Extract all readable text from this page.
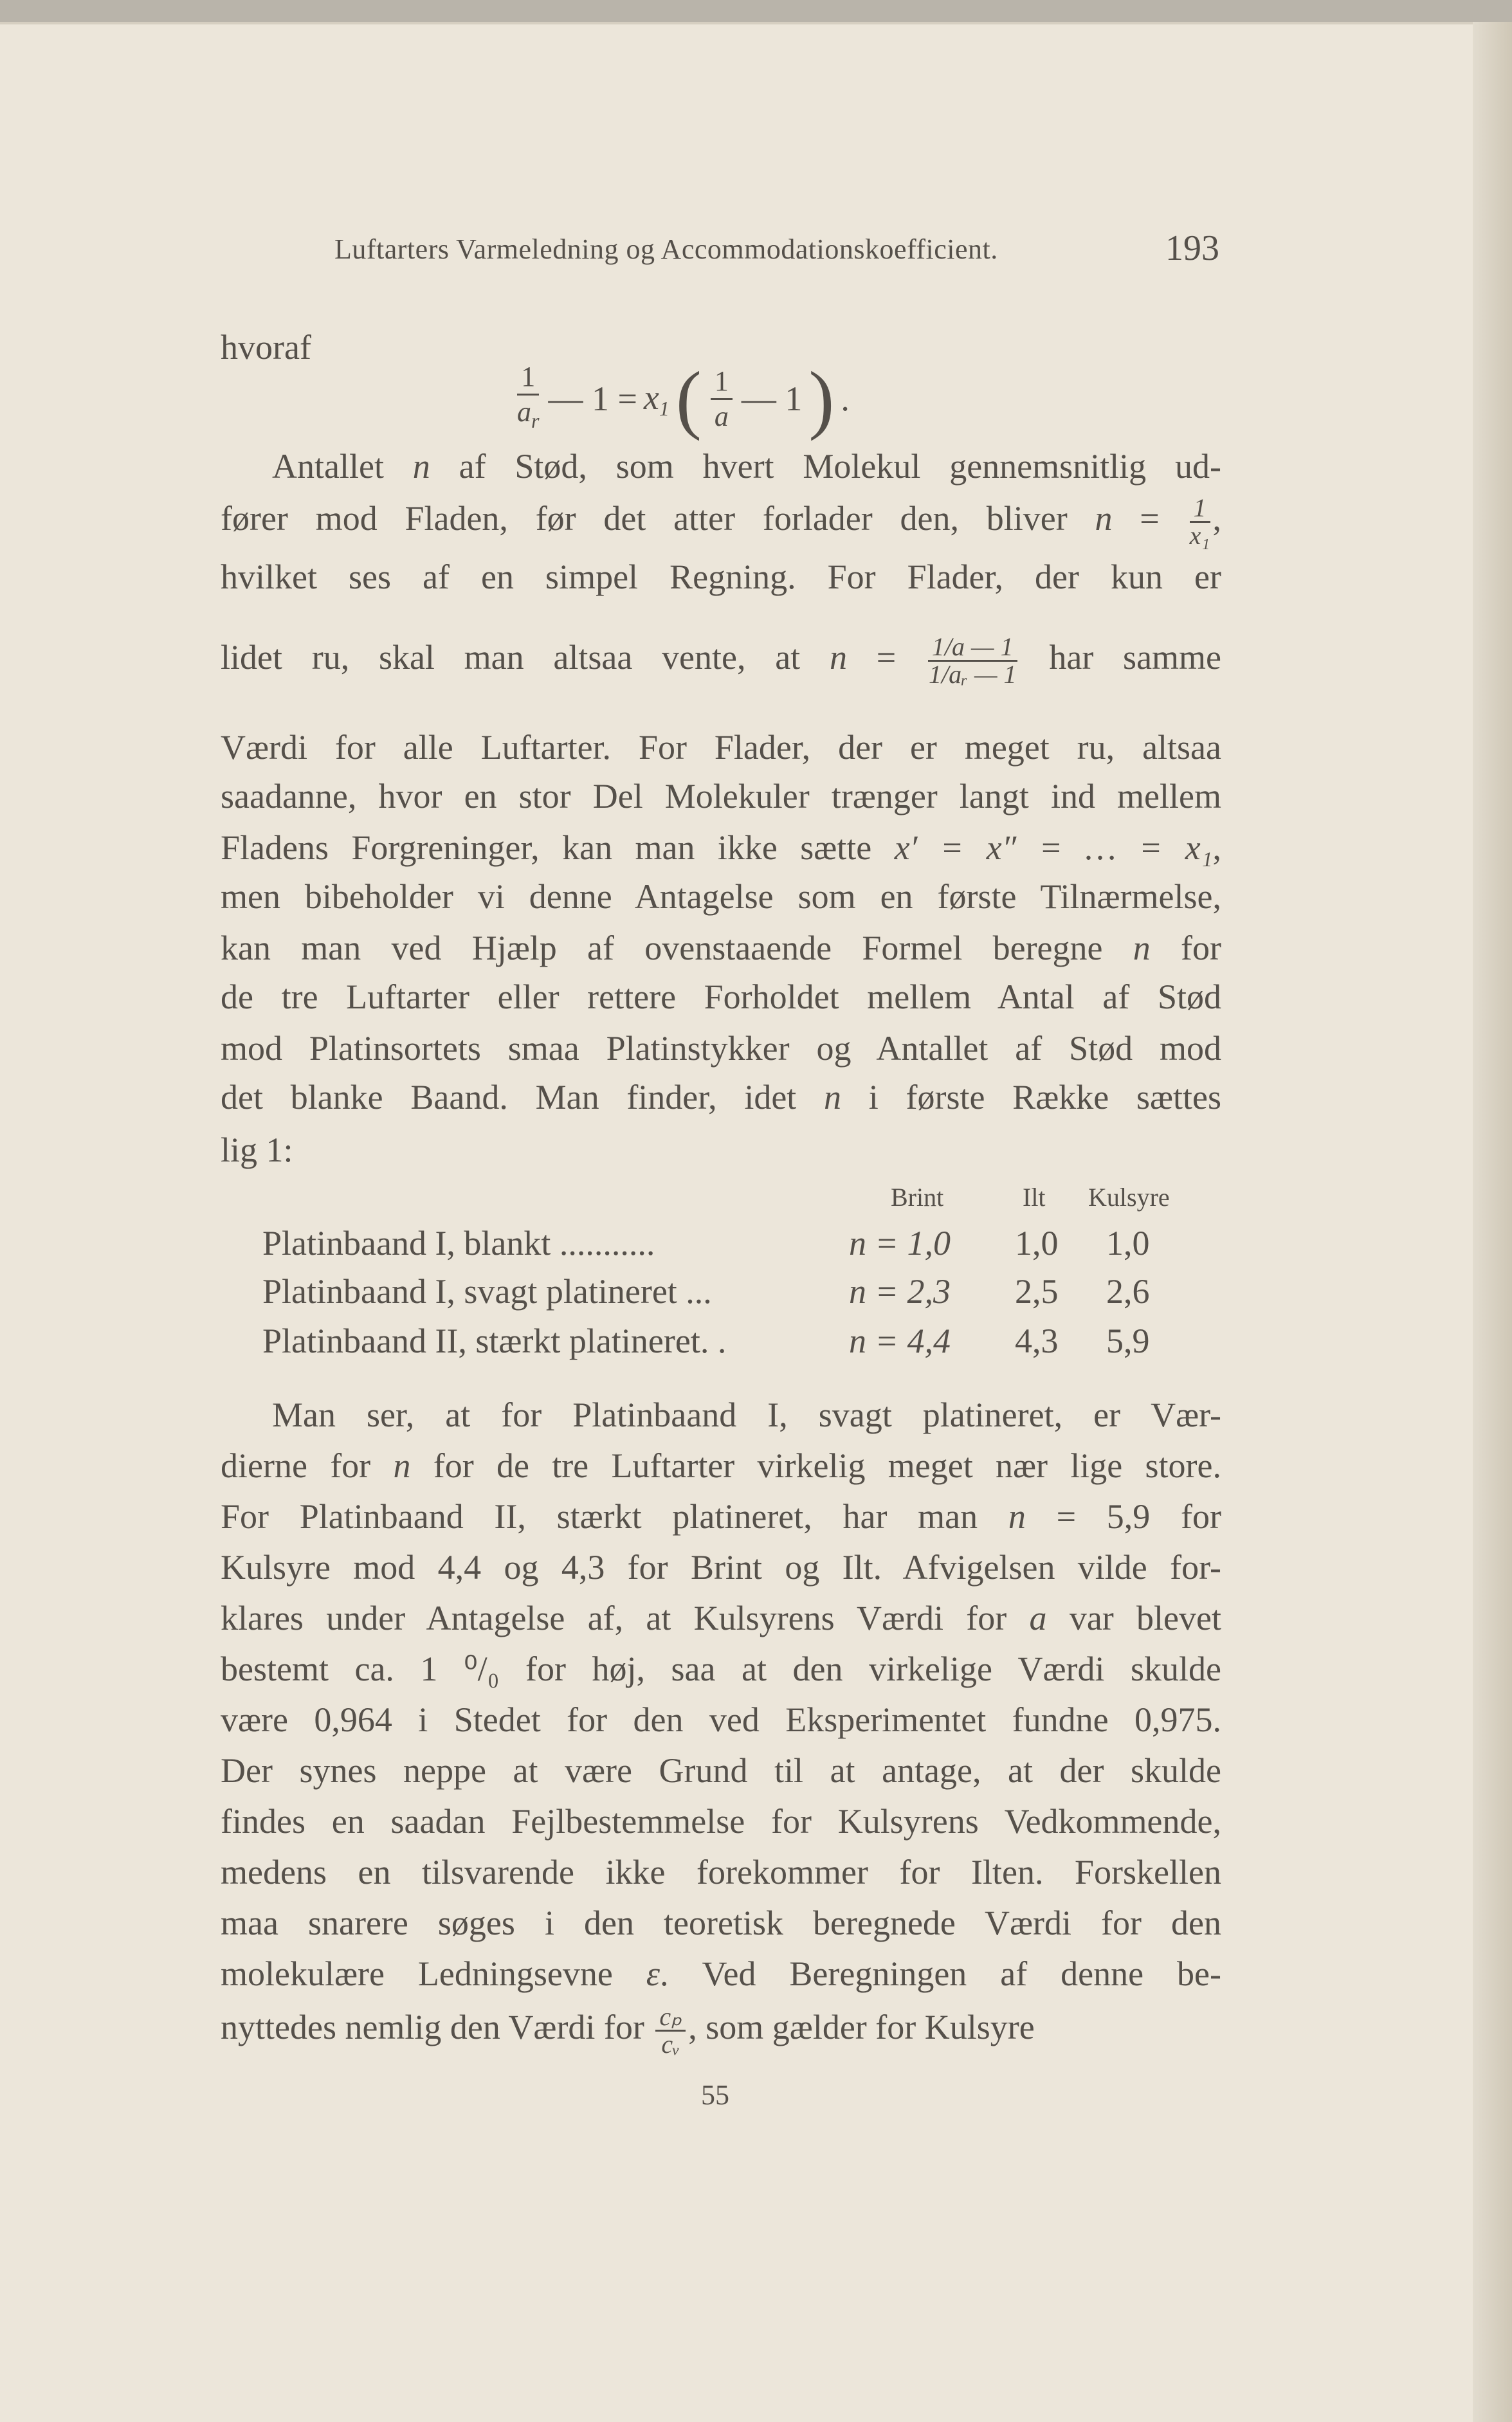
Luftarters Varmeledning og Accommodationskoefficient.	193
hvoraf
$\frac{1}{a_r}$ — $1 = x_1$ ( $\frac{1}{a}$ — 1 ) .
Antallet n af Stød, som hvert Molekul gennemsnitlig ud-
fører mod Fladen, før det atter forlader den, bliver $n = \frac{1}{\text{x₁}}$ ,
hvilket ses af en simpel Regning. For Flader, der kun er
lidet ru, skal man altsaa vente, at $n = \frac{1/a — 1}{\text{1/aᵣ — 1}}$ har samme
Værdi for alle Luftarter. For Flader, der er meget ru, altsaa
saadanne, hvor en stor Del Molekuler trænger langt ind mellem
Fladens Forgreninger, kan man ikke sætte x′ = x″ = … = x₁,
men bibeholder vi denne Antagelse som en første Tilnærmelse,
kan man ved Hjælp af ovenstaaende Formel beregne n for
de tre Luftarter eller rettere Forholdet mellem Antal af Stød
mod Platinsortets smaa Platinstykker og Antallet af Stød mod
det blanke Baand. Man finder, idet n i første Række sættes
lig 1:
Brint	Ilt Kulsyre
Platinbaand I, blankt ...........	n = 1,0 1,0 1,0
Platinbaand I, svagt platineret ...	n = 2,3 2,5 2,6
Platinbaand II, stærkt platineret. .	n = 4,4 4,3 5,9
Man ser, at for Platinbaand I, svagt platineret, er Vær-
dierne for n for de tre Luftarter virkelig meget nær lige store.
For Platinbaand II, stærkt platineret, har man n = 5,9 for
Kulsyre mod 4,4 og 4,3 for Brint og Ilt. Afvigelsen vilde for-
klares under Antagelse af, at Kulsyrens Værdi for a var blevet
bestemt ca. 1 ⁰/₀ for høj, saa at den virkelige Værdi skulde
være 0,964 i Stedet for den ved Eksperimentet fundne 0,975.
Der synes neppe at være Grund til at antage, at der skulde
findes en saadan Fejlbestemmelse for Kulsyrens Vedkommende,
medens en tilsvarende ikke forekommer for Ilten. Forskellen
maa snarere søges i den teoretisk beregnede Værdi for den
molekulære Ledningsevne ε. Ved Beregningen af denne be-
nyttedes nemlig den Værdi for $\frac{\text{cₚ}}{\text{cᵥ}}$ , som gælder for Kulsyre
55
